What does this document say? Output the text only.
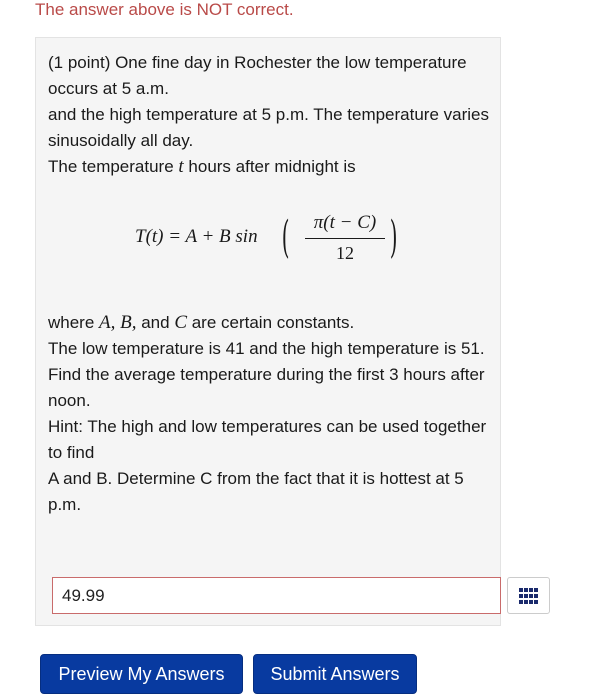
The answer above is NOT correct.

(1 point) One fine day in Rochester the low temperature occurs at 5 a.m.

and the high temperature at 5 p.m. The temperature varies

sinusoidally all day.

The temperature t hours after midnight is

where A, B, and C are certain constants.

The low temperature is 41 and the high temperature is 51.

Find the average temperature during the first 3 hours after noon.

Hint: The high and low temperatures can be used together to find

A and B. Determine C from the fact that it is hottest at 5 p.m.

T(t) = A + B sin (	π(t − C)
12 )
49.99
Preview My Answers	Submit Answers
